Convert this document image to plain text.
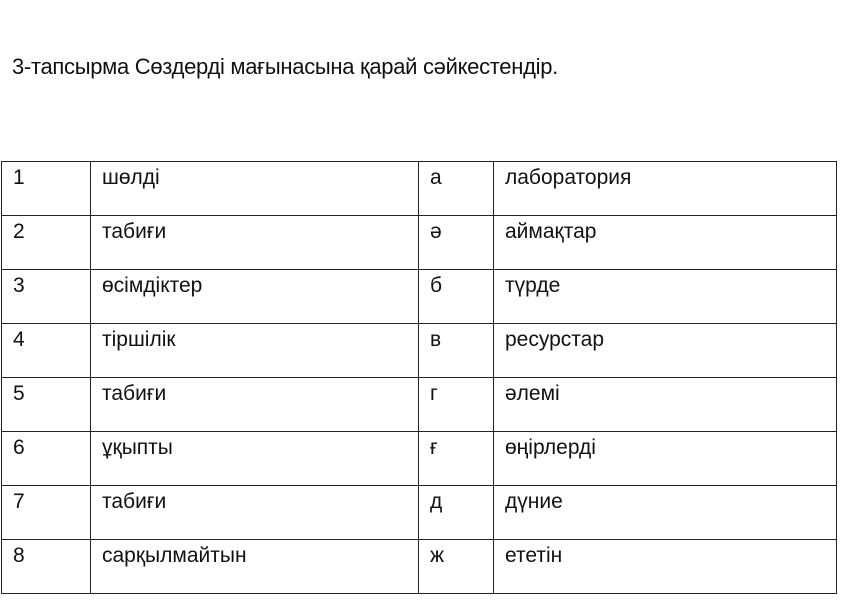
3-тапсырма Сөздерді мағынасына қарай сәйкестендір.
1	шөлді	а	лаборатория
2	табиғи	ә	аймақтар
3	өсімдіктер	б	түрде
4	тіршілік	в	ресурстар
5	табиғи	г	әлемі
6	ұқыпты	ғ	өңірлерді
7	табиғи	д	дүние
8	сарқылмайтын	ж	ететін
